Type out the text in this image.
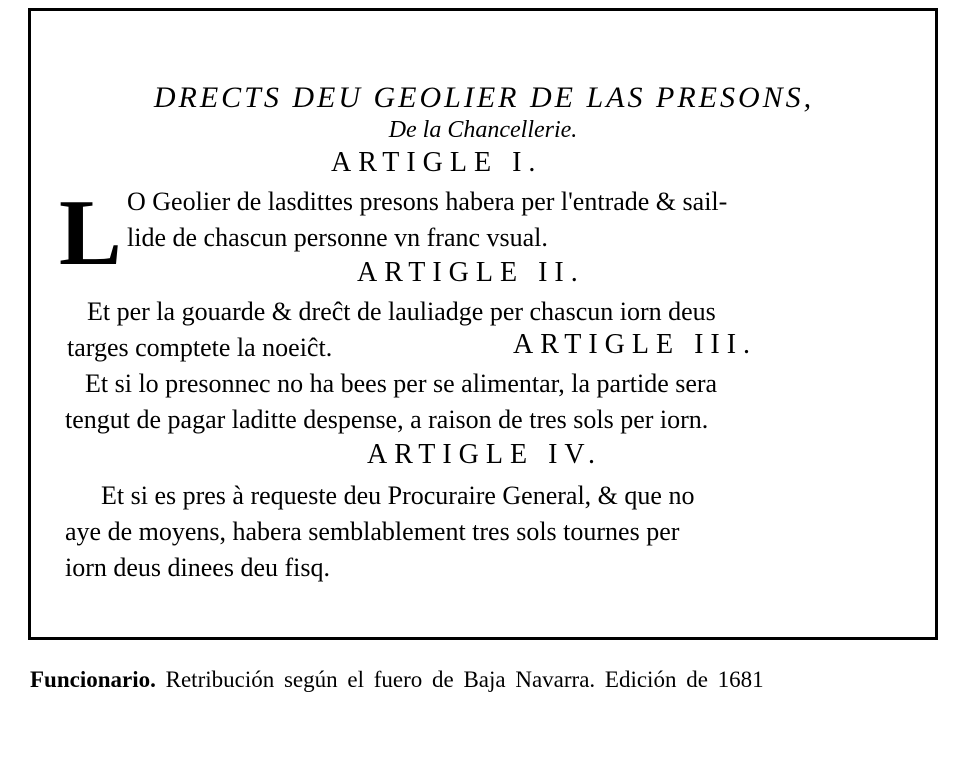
DRECTS DEU GEOLIER DE LAS PRESONS,
De la Chancellerie.
ARTIGLE I.
L O Geolier de lasdittes presons habera per l'entrade & sail-
lide de chascun personne vn franc vsual.
ARTIGLE II.
Et per la gouarde & dreĉt de lauliadge per chascun iorn deus
targes comptete la noeiĉt.	ARTIGLE III.
Et si lo presonnec no ha bees per se alimentar, la partide sera
tengut de pagar laditte despense, a raison de tres sols per iorn.
ARTIGLE IV.
Et si es pres à requeste deu Procuraire General, & que no
aye de moyens, habera semblablement tres sols tournes per
iorn deus dinees deu fisq.
Funcionario. Retribución según el fuero de Baja Navarra. Edición de 1681
